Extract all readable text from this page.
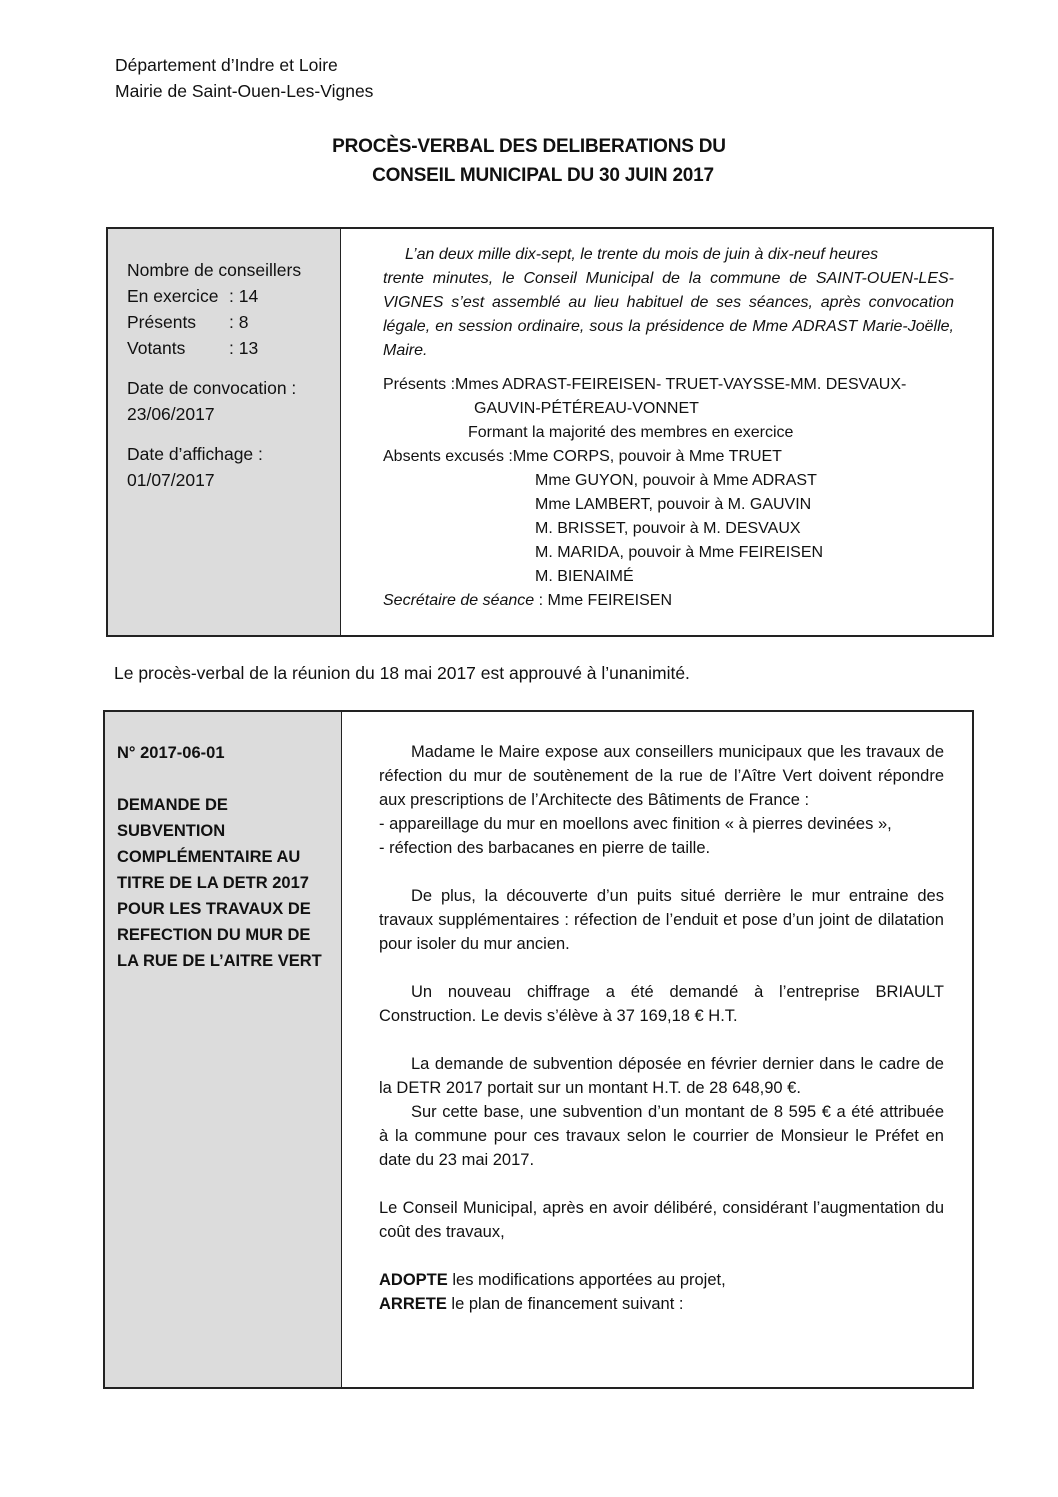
Département d’Indre et Loire
Mairie de Saint-Ouen-Les-Vignes
PROCÈS-VERBAL DES DELIBERATIONS DU
CONSEIL MUNICIPAL DU 30 JUIN 2017
Nombre de conseillers
En exercice : 14
Présents	: 8
Votants	: 13
Date de convocation :
23/06/2017
Date d’affichage :
01/07/2017
L’an deux mille dix-sept, le trente du mois de juin à dix-neuf heures
trente minutes, le Conseil Municipal de la commune de SAINT-OUEN-LES-VIGNES s’est assemblé au lieu habituel de ses séances, après convocation légale, en session ordinaire, sous la présidence de Mme ADRAST Marie-Joëlle, Maire.
Présents : Mmes ADRAST-FEIREISEN- TRUET-VAYSSE-MM. DESVAUX-
GAUVIN-PÉTÉREAU-VONNET
Formant la majorité des membres en exercice
Absents excusés : Mme CORPS, pouvoir à Mme TRUET
Mme GUYON, pouvoir à Mme ADRAST
Mme LAMBERT, pouvoir à M. GAUVIN
M. BRISSET, pouvoir à M. DESVAUX
M. MARIDA, pouvoir à Mme FEIREISEN
M. BIENAIMÉ
Secrétaire de séance : Mme FEIREISEN
Le procès-verbal de la réunion du 18 mai 2017 est approuvé à l’unanimité.
N° 2017-06-01
DEMANDE DE SUBVENTION COMPLÉMENTAIRE AU TITRE DE LA DETR 2017 POUR LES TRAVAUX DE REFECTION DU MUR DE LA RUE DE L’AITRE VERT
Madame le Maire expose aux conseillers municipaux que les travaux de réfection du mur de soutènement de la rue de l’Aître Vert doivent répondre aux prescriptions de l’Architecte des Bâtiments de France :
- appareillage du mur en moellons avec finition « à pierres devinées »,
- réfection des barbacanes en pierre de taille.
De plus, la découverte d’un puits situé derrière le mur entraine des travaux supplémentaires : réfection de l’enduit et pose d’un joint de dilatation pour isoler du mur ancien.
Un nouveau chiffrage a été demandé à l’entreprise BRIAULT Construction. Le devis s’élève à 37 169,18 € H.T.
La demande de subvention déposée en février dernier dans le cadre de la DETR 2017 portait sur un montant H.T. de 28 648,90 €.
Sur cette base, une subvention d’un montant de 8 595 € a été attribuée à la commune pour ces travaux selon le courrier de Monsieur le Préfet en date du 23 mai 2017.
Le Conseil Municipal, après en avoir délibéré, considérant l’augmentation du coût des travaux,
ADOPTE les modifications apportées au projet,
ARRETE le plan de financement suivant :
